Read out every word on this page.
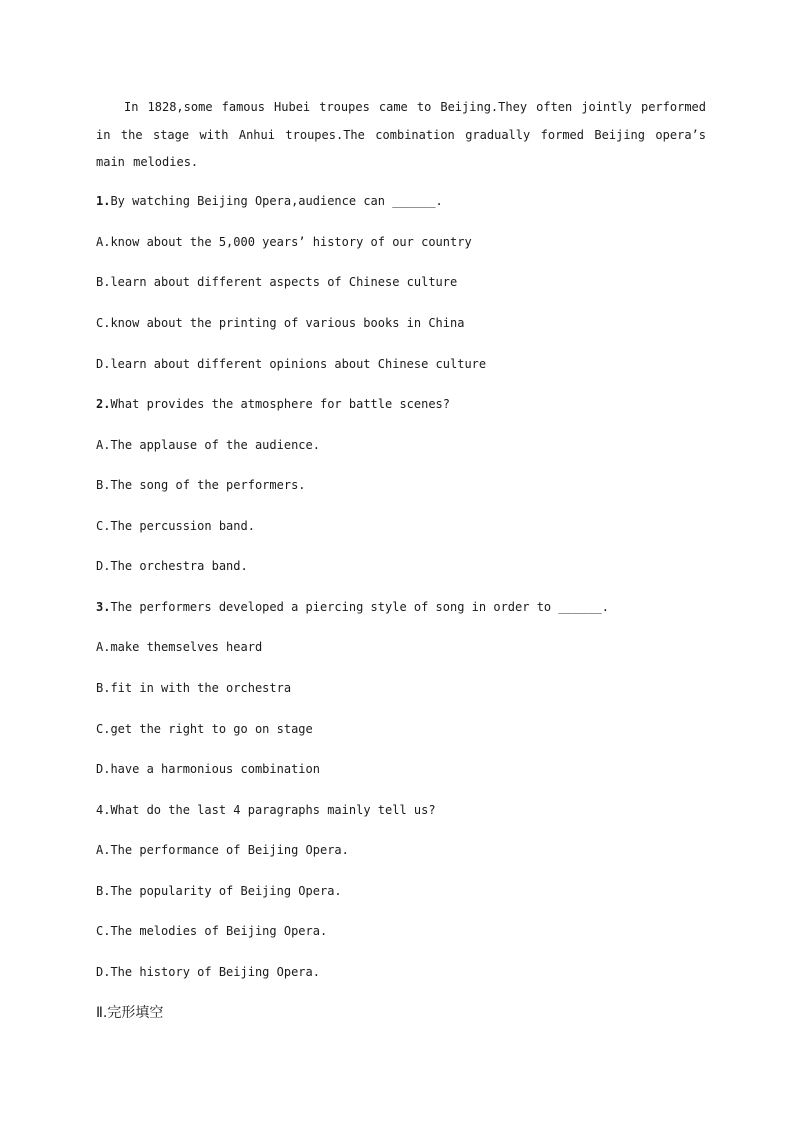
In 1828,some famous Hubei troupes came to Beijing.They often jointly performed in the stage with Anhui troupes.The combination gradually formed Beijing opera’s main melodies.

1.By watching Beijing Opera,audience can ______.
A.know about the 5,000 years’ history of our country
B.learn about different aspects of Chinese culture
C.know about the printing of various books in China
D.learn about different opinions about Chinese culture
2.What provides the atmosphere for battle scenes?
A.The applause of the audience.
B.The song of the performers.
C.The percussion band.
D.The orchestra band.
3.The performers developed a piercing style of song in order to ______.
A.make themselves heard
B.fit in with the orchestra
C.get the right to go on stage
D.have a harmonious combination
4.What do the last 4 paragraphs mainly tell us?
A.The performance of Beijing Opera.
B.The popularity of Beijing Opera.
C.The melodies of Beijing Opera.
D.The history of Beijing Opera.
Ⅱ.完形填空
